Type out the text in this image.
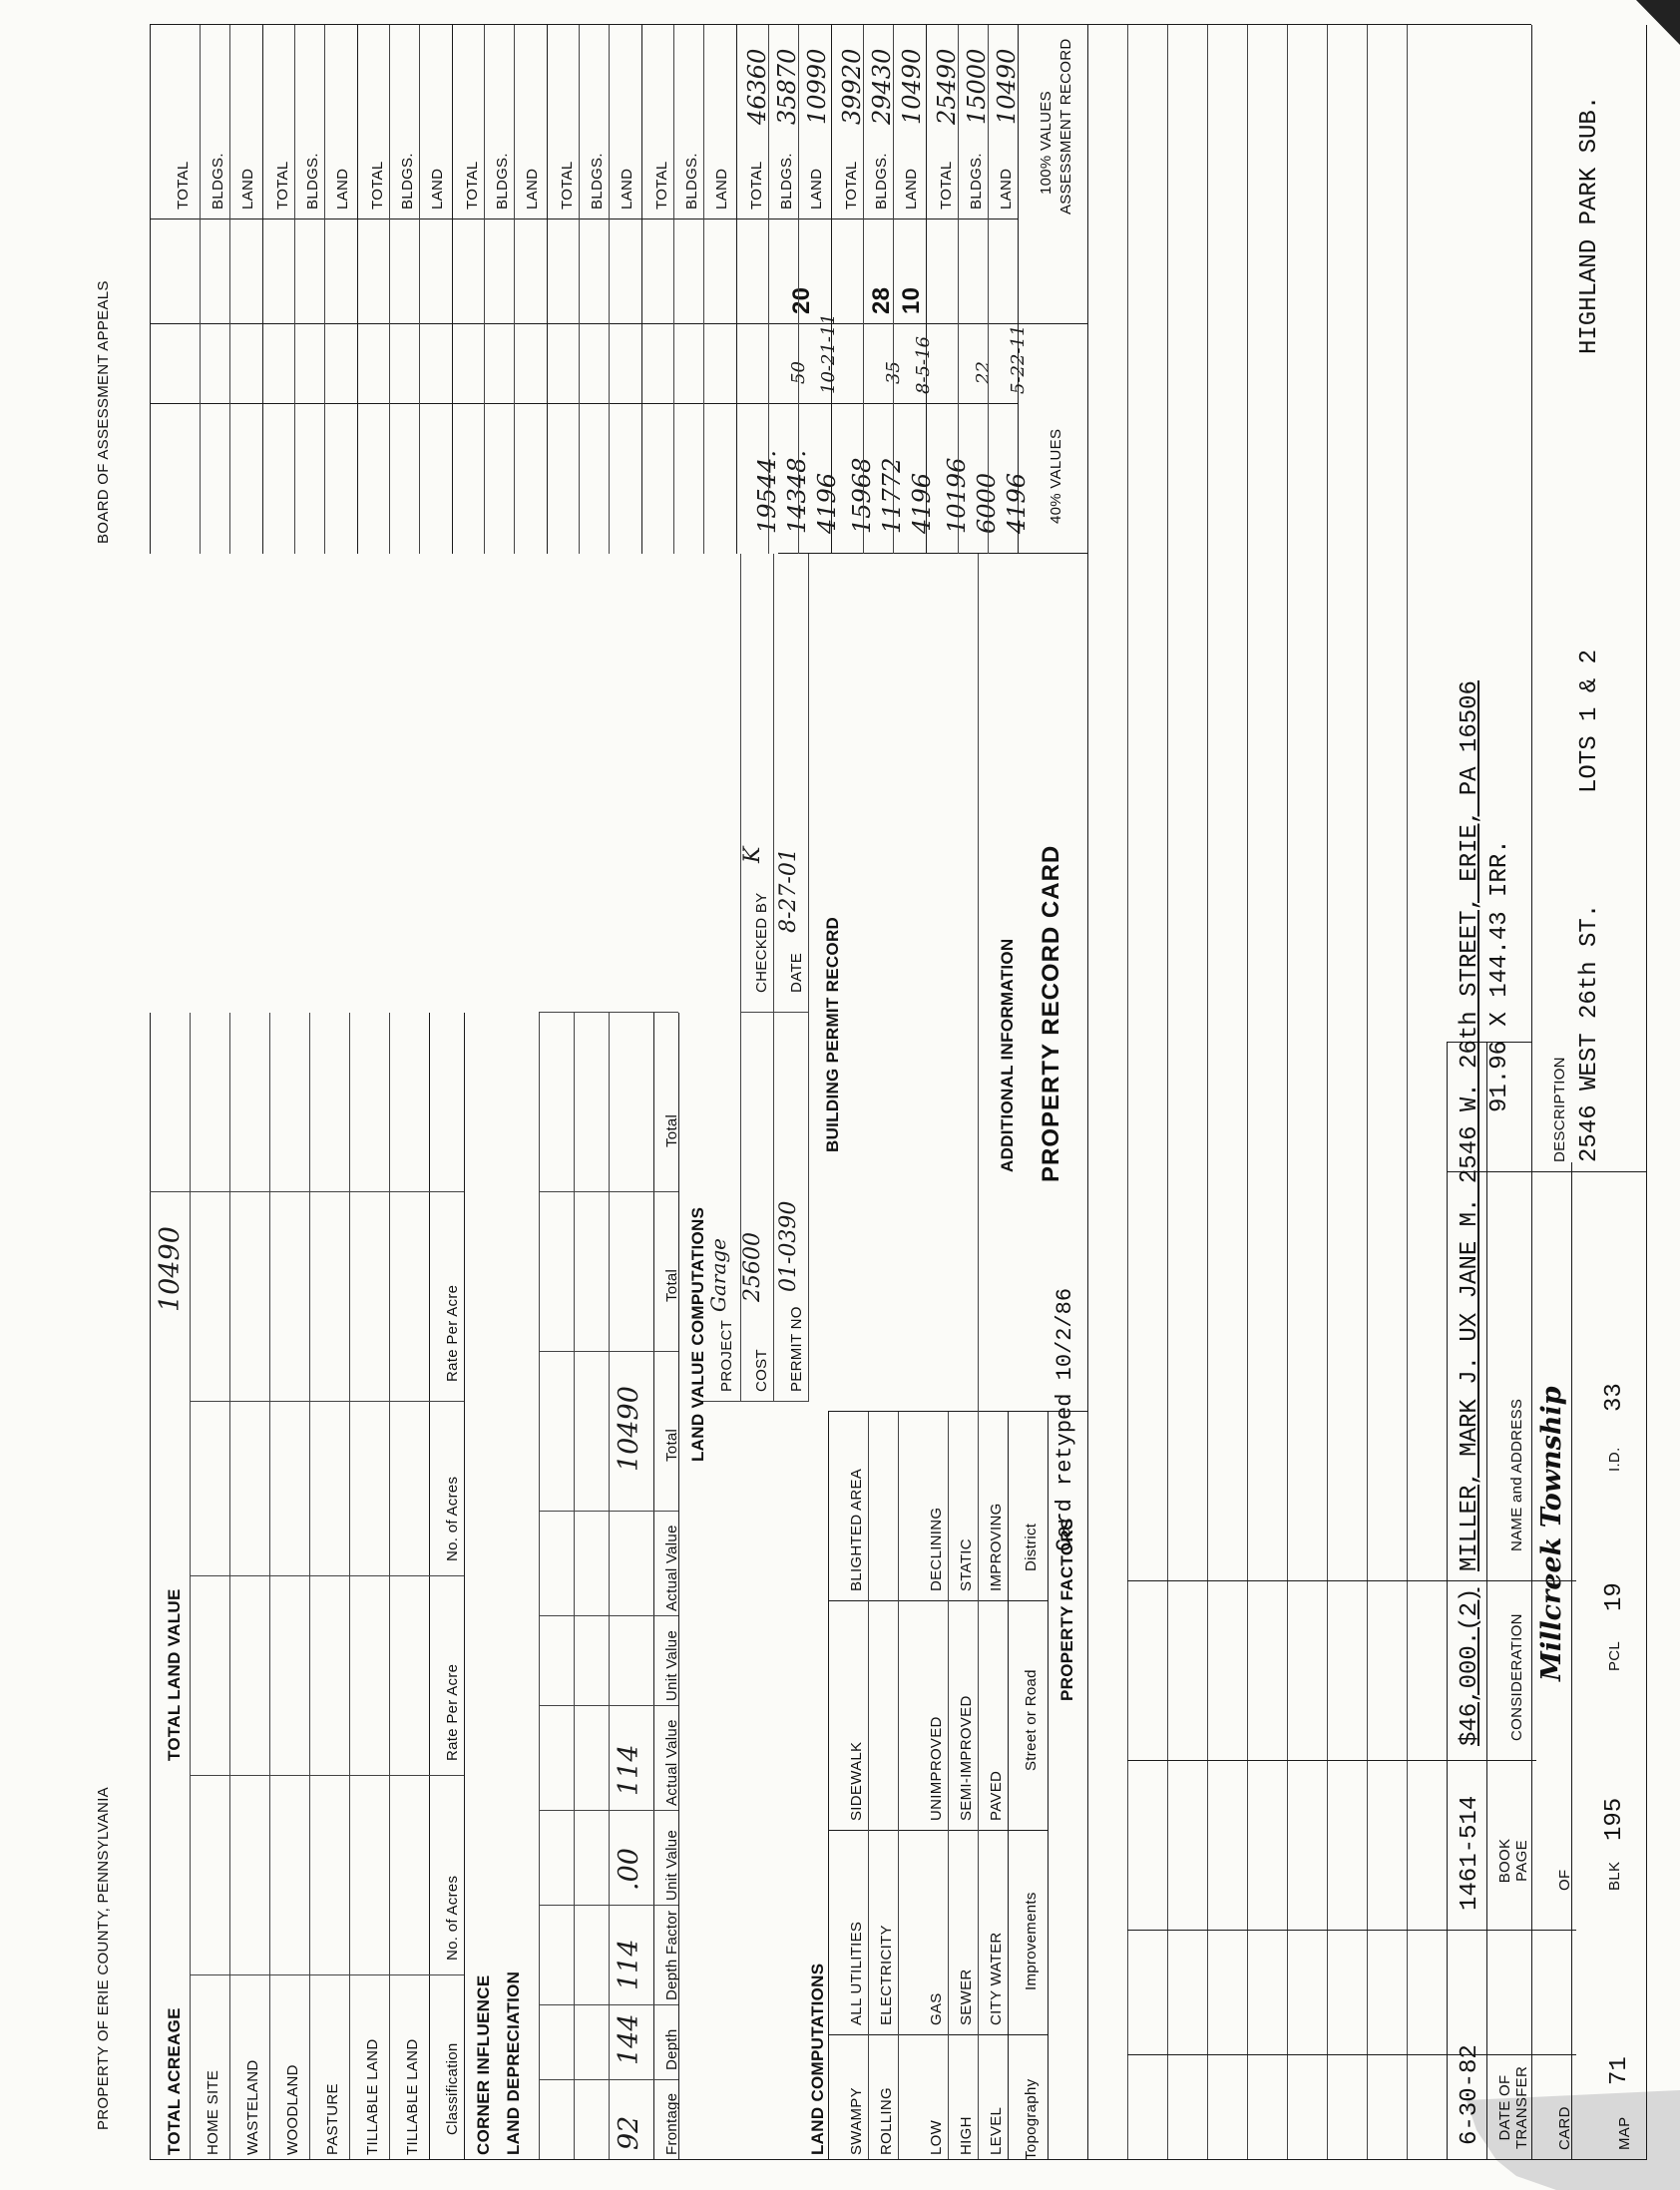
MAP
71
CARD
OF BLK
195
Millcreek Township	PCL
19
I.D.
33
DESCRIPTION 2546 WEST 26th ST.
LOTS 1 & 2
HIGHLAND PARK SUB.
91.96 X 144.43 IRR.
DATE OF TRANSFER
BOOK PAGE
CONSIDERATION
NAME and ADDRESS
6-30-82
1461-514
$46,000.(2)
MILLER, MARK J. UX JANE M. 2546 W. 26th STREET, ERIE, PA 16506
PROPERTY FACTORS
Card retyped 10/2/86
Topography
Improvements
Street or Road
District
LEVEL
HIGH
LOW
ROLLING
SWAMPY
CITY WATER
SEWER
GAS
ELECTRICITY
ALL UTILITIES
PAVED
SEMI-IMPROVED
UNIMPROVED
SIDEWALK
IMPROVING
STATIC
DECLINING
BLIGHTED AREA
PROPERTY RECORD CARD
ADDITIONAL INFORMATION
BUILDING PERMIT RECORD
PERMIT NO
01-0390
DATE
8-27-01
COST
25600
CHECKED BY
K
PROJECT
Garage
LAND COMPUTATIONS
LAND VALUE COMPUTATIONS
Frontage
Depth
Depth Factor
Unit Value
Actual Value
Unit Value
Actual Value
Total
Total
Total
92
144
114
.00
114
10490
LAND DEPRECIATION
CORNER INFLUENCE
Classification
No. of Acres
Rate Per Acre
No. of Acres
Rate Per Acre
TILLABLE LAND
TILLABLE LAND
PASTURE
WOODLAND
WASTELAND
HOME SITE
TOTAL ACREAGE
TOTAL LAND VALUE
10490
40% VALUES
4196
6000
10196
4196
11772
15968
4196
14348.
19544.
5-22-11
22
8-5-16
35
10-21-11
50
ASSESSMENT RECORD
100% VALUES
LAND
BLDGS.
TOTAL
LAND
BLDGS.
TOTAL
LAND
BLDGS.
TOTAL
10490
15000
25490
10490
29430
39920
10990
35870
46360
10
28
20
LAND
BLDGS.
TOTAL
LAND
BLDGS.
TOTAL
LAND
BLDGS.
TOTAL
LAND
BLDGS.
TOTAL
LAND
BLDGS.
TOTAL
LAND
BLDGS.
TOTAL
PROPERTY OF ERIE COUNTY, PENNSYLVANIA
BOARD OF ASSESSMENT APPEALS
